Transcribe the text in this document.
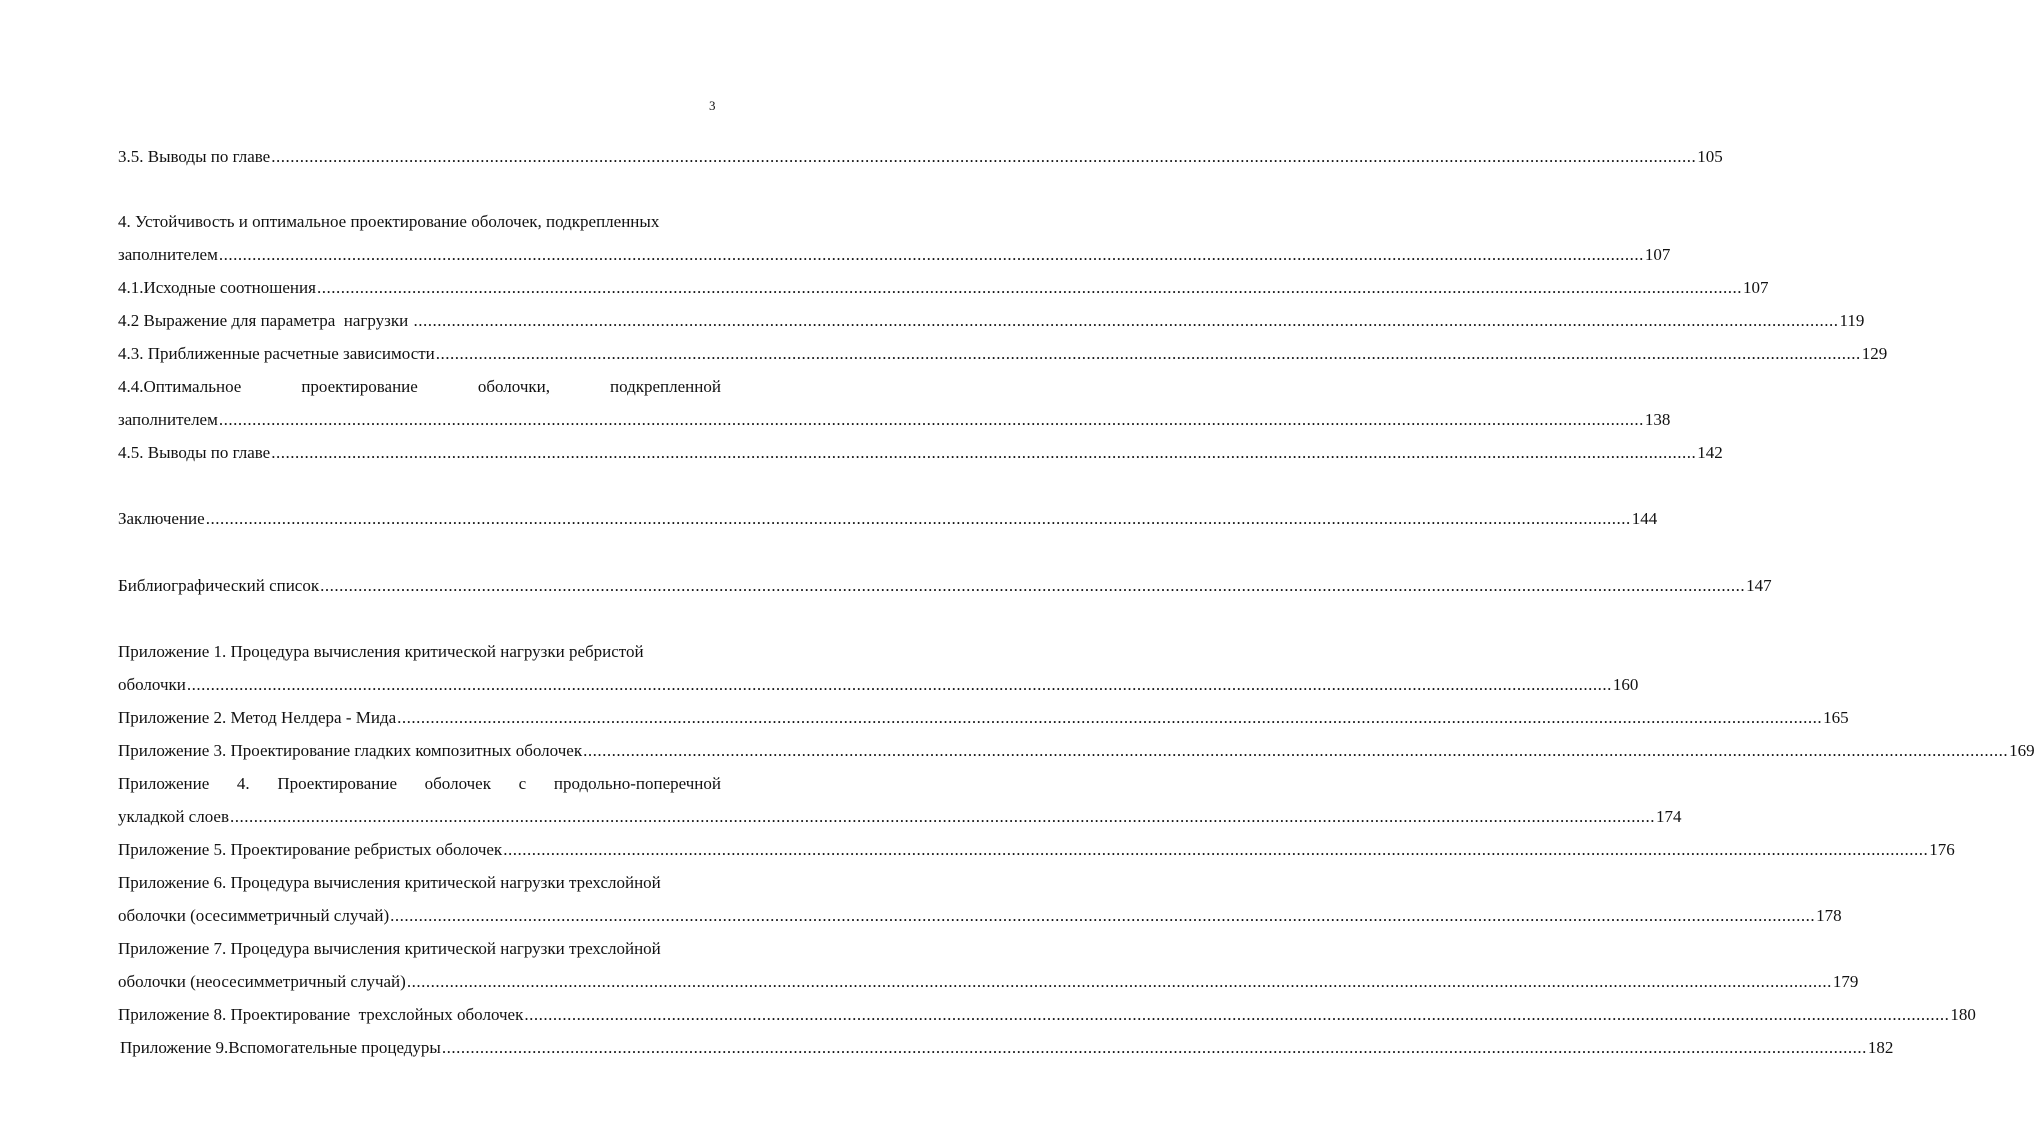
3
3.5. Выводы по главе ............................................................................................................................................................................................................................................................................................................ 105
4. Устойчивость и оптимальное проектирование оболочек, подкрепленных
заполнителем ............................................................................................................................................................................................................................................................................................................ 107
4.1.Исходные соотношения ............................................................................................................................................................................................................................................................................................................ 107
4.2 Выражение для параметра  нагрузки ............................................................................................................................................................................................................................................................................................................ 119
4.3. Приближенные расчетные зависимости ............................................................................................................................................................................................................................................................................................................ 129
4.4.Оптимальное	проектирование	оболочки,	подкрепленной
заполнителем ............................................................................................................................................................................................................................................................................................................ 138
4.5. Выводы по главе ............................................................................................................................................................................................................................................................................................................ 142
Заключение ............................................................................................................................................................................................................................................................................................................ 144
Библиографический список ............................................................................................................................................................................................................................................................................................................ 147
Приложение 1. Процедура вычисления критической нагрузки ребристой
оболочки ............................................................................................................................................................................................................................................................................................................ 160
Приложение 2. Метод Нелдера - Мида ............................................................................................................................................................................................................................................................................................................ 165
Приложение 3. Проектирование гладких композитных оболочек ............................................................................................................................................................................................................................................................................................................ 169
Приложение 4. Проектирование оболочек с продольно-поперечной
укладкой слоев ............................................................................................................................................................................................................................................................................................................ 174
Приложение 5. Проектирование ребристых оболочек ............................................................................................................................................................................................................................................................................................................ 176
Приложение 6. Процедура вычисления критической нагрузки трехслойной
оболочки (осесимметричный случай) ............................................................................................................................................................................................................................................................................................................ 178
Приложение 7. Процедура вычисления критической нагрузки трехслойной
оболочки (неосесимметричный случай) ............................................................................................................................................................................................................................................................................................................ 179
Приложение 8. Проектирование  трехслойных оболочек ............................................................................................................................................................................................................................................................................................................ 180
Приложение 9.Вспомогательные процедуры ............................................................................................................................................................................................................................................................................................................ 182
